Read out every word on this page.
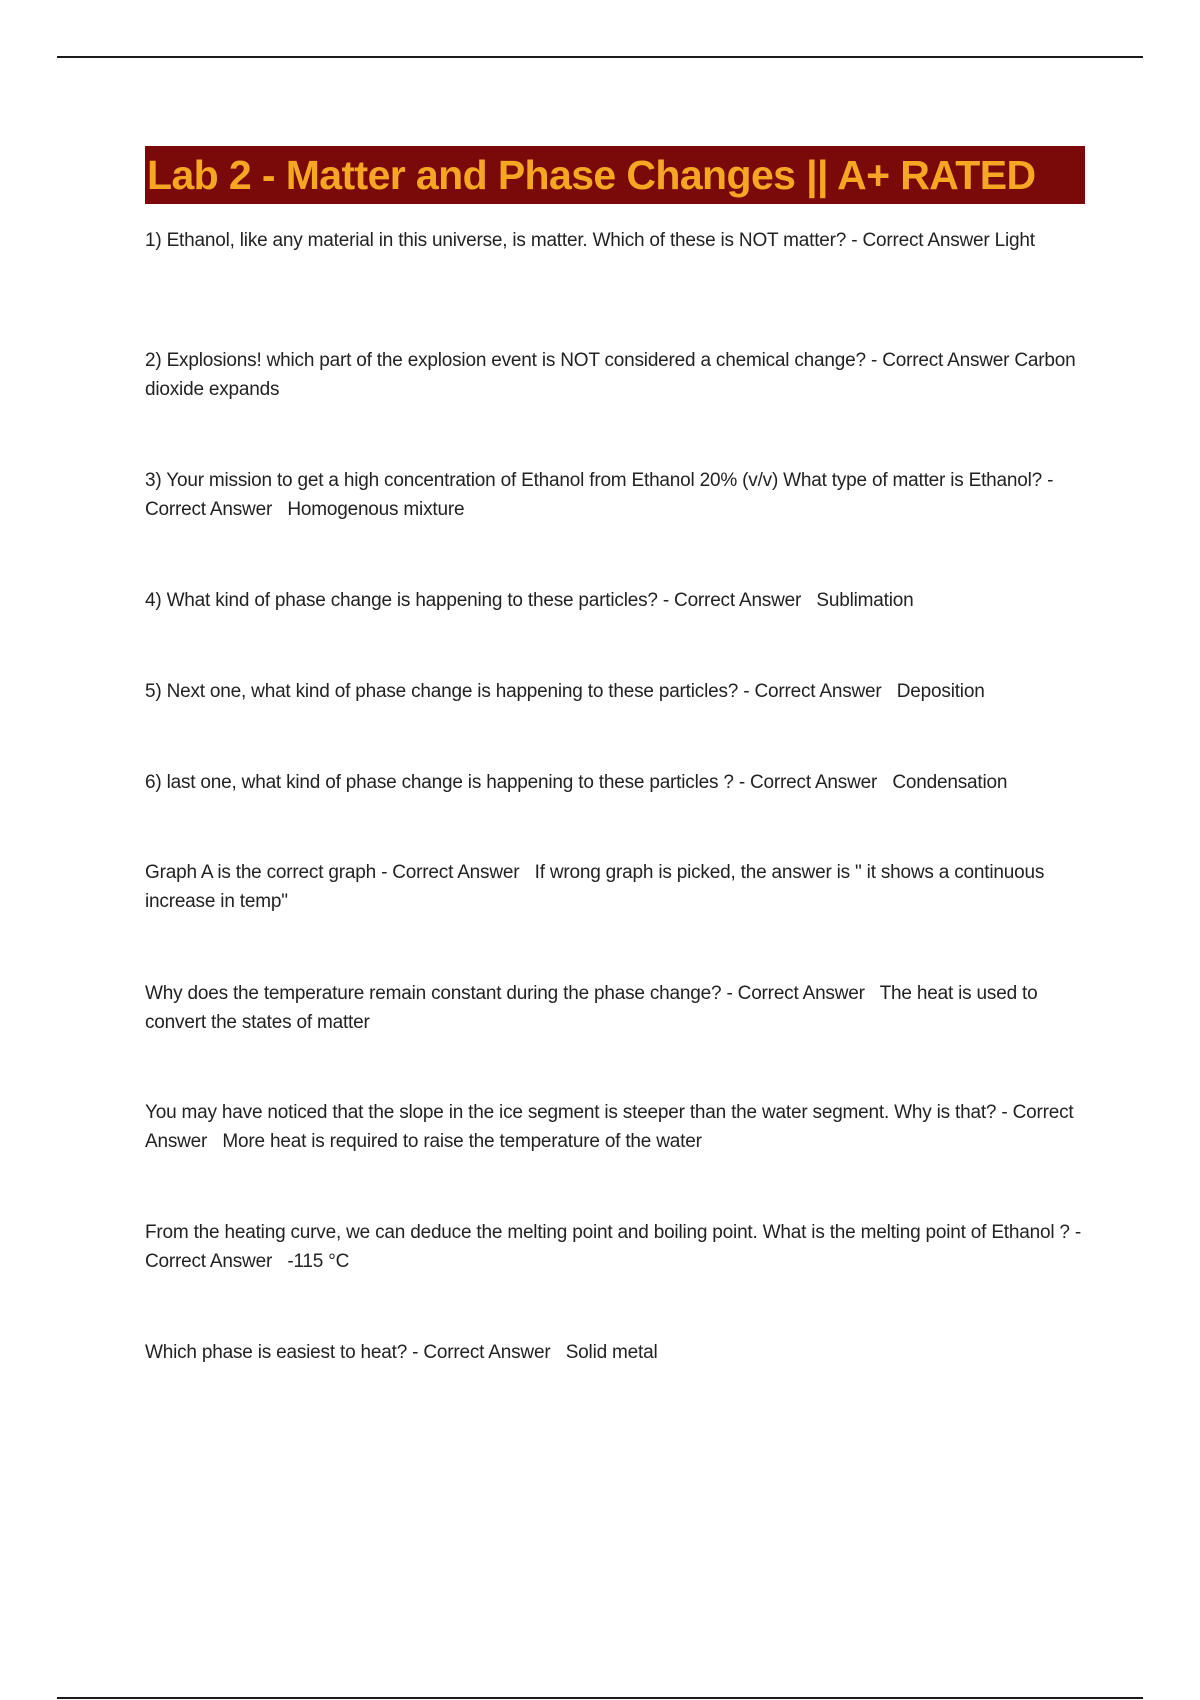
Lab 2 - Matter and Phase Changes || A+ RATED
1) Ethanol, like any material in this universe, is matter. Which of these is NOT matter? - Correct Answer Light
2) Explosions! which part of the explosion event is NOT considered a chemical change? - Correct Answer Carbon dioxide expands
3) Your mission to get a high concentration of Ethanol from Ethanol 20% (v/v) What type of matter is Ethanol? - Correct Answer Homogenous mixture
4) What kind of phase change is happening to these particles? - Correct Answer Sublimation
5) Next one, what kind of phase change is happening to these particles? - Correct Answer Deposition
6) last one, what kind of phase change is happening to these particles ? - Correct Answer Condensation
Graph A is the correct graph - Correct Answer If wrong graph is picked, the answer is " it shows a continuous increase in temp"
Why does the temperature remain constant during the phase change? - Correct Answer The heat is used to convert the states of matter
You may have noticed that the slope in the ice segment is steeper than the water segment. Why is that? - Correct Answer More heat is required to raise the temperature of the water
From the heating curve, we can deduce the melting point and boiling point. What is the melting point of Ethanol ? - Correct Answer -115 °C
Which phase is easiest to heat? - Correct Answer Solid metal
